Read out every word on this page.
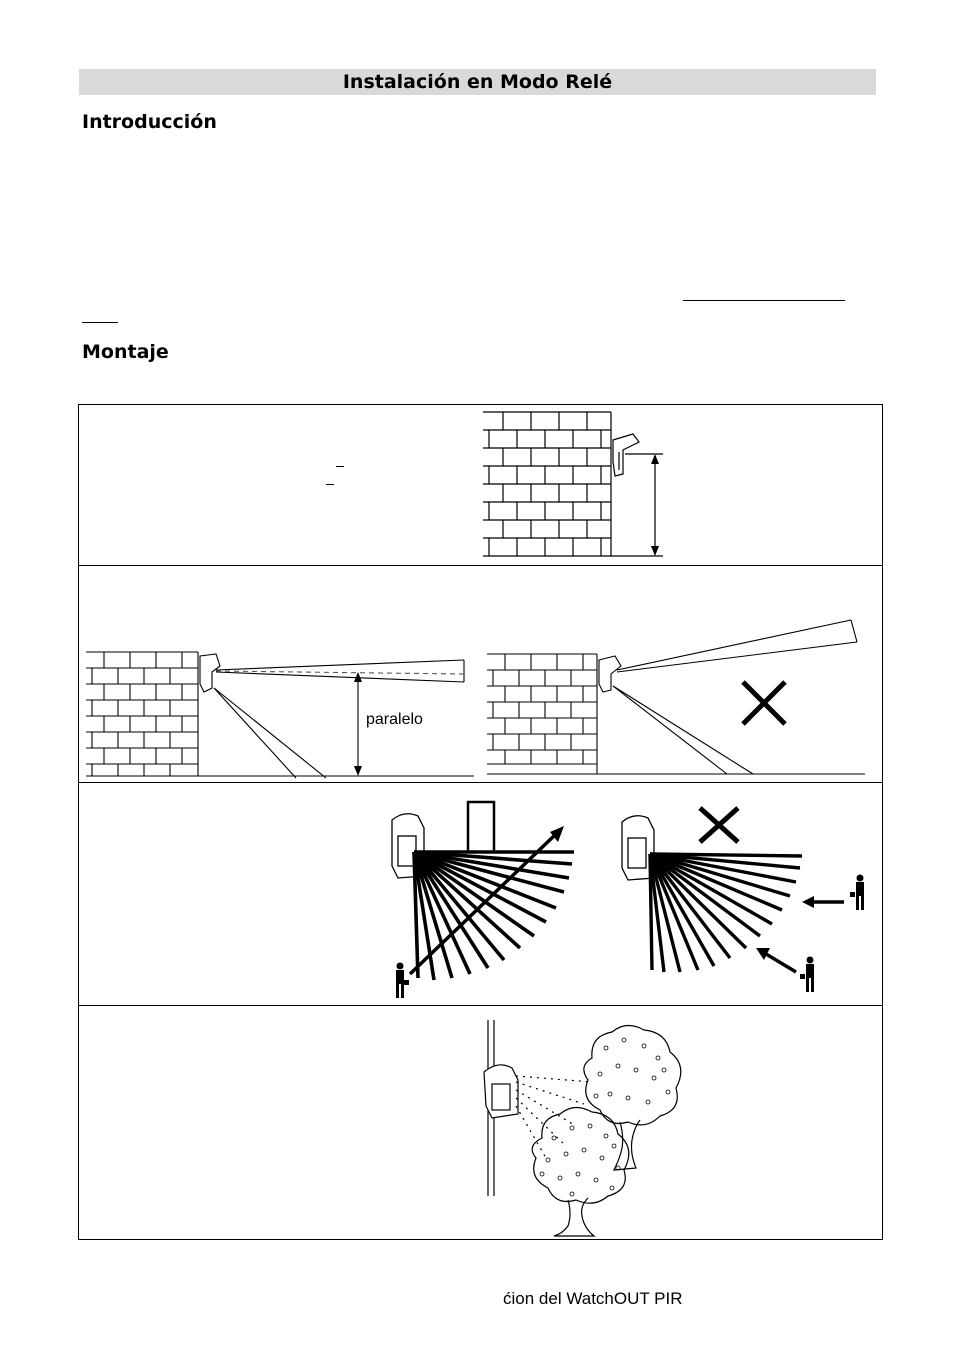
Instalación en Modo Relé
Introducción
Montaje
paralelo
ćion del WatchOUT PIR
